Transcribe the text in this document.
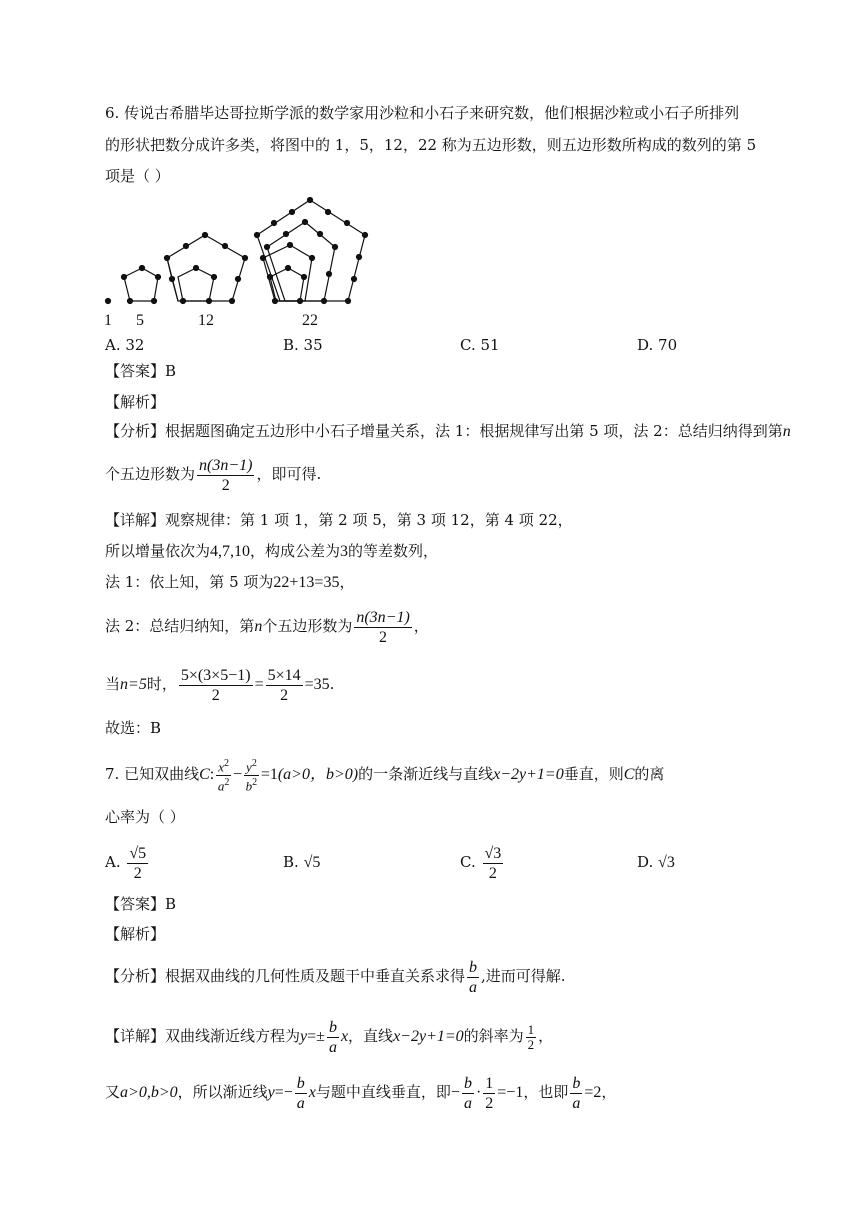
6. 传说古希腊毕达哥拉斯学派的数学家用沙粒和小石子来研究数，他们根据沙粒或小石子所排列
的形状把数分成许多类，将图中的 1，5，12，22 称为五边形数，则五边形数所构成的数列的第 5
项是（ ）
1 5	12	22
A. 32	B. 35	C. 51	D. 70
【答案】B
【解析】
【分析】根据题图确定五边形中小石子增量关系，法 1：根据规律写出第 5 项，法 2：总结归纳得到第n
个五边形数为 $\frac{n(3n-1)}{2}$ ，即可得.
【详解】观察规律：第 1 项 1，第 2 项 5，第 3 项 12，第 4 项 22，
所以增量依次为4,7,10，构成公差为3的等差数列，
法 1：依上知，第 5 项为22+13=35，
法 2：总结归纳知，第n个五边形数为 $\frac{n(3n-1)}{2}$ ，
当n=5时， $\frac{5\times(3\times 5-1)}{2} = \frac{5\times 14}{2} =35$.
故选：B
7. 已知双曲线C: $\frac{x^2}{a^2} - \frac{y^2}{b^2} =1(a>0$，b>0)的一条渐近线与直线x−2y+1=0垂直，则C的离
心率为（ ）
A. $\frac{√5}{2}$	B. √5	C. $\frac{√3}{2}$	D. √3
【答案】B
【解析】
【分析】根据双曲线的几何性质及题干中垂直关系求得 $\frac{b}{a}$ ,进而可得解.
【详解】双曲线渐近线方程为$y=\pm \frac{b}{a}$ x，直线x−2y+1=0的斜率为 $\frac{1}{2}$ ，
又a>0,b>0，所以渐近线$y=- \frac{b}{a}$ x与题中直线垂直，即− $\frac{b}{a} \cdot \frac{1}{2} =-1$，也即 $\frac{b}{a} =2$，
